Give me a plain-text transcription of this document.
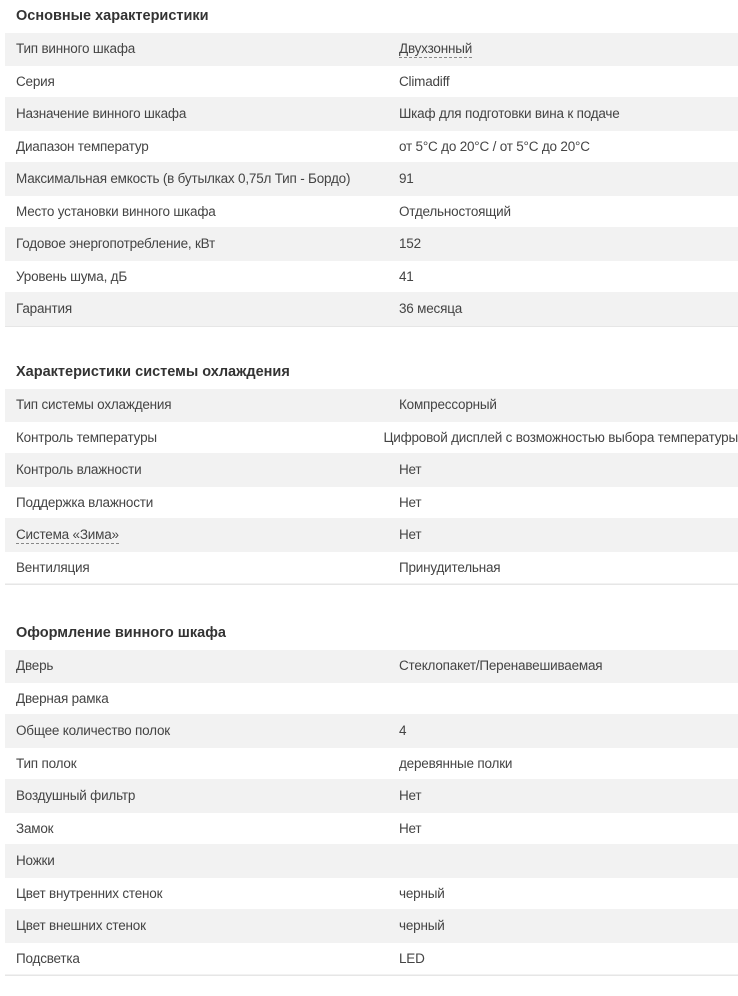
Основные характеристики
Тип винного шкафа	Двухзонный
Серия	Climadiff
Назначение винного шкафа	Шкаф для подготовки вина к подаче
Диапазон температур	от 5°С до 20°С / от 5°С до 20°С
Максимальная емкость (в бутылках 0,75л Тип - Бордо)	91
Место установки винного шкафа	Отдельностоящий
Годовое энергопотребление, кВт	152
Уровень шума, дБ	41
Гарантия	36 месяца
Характеристики системы охлаждения
Тип системы охлаждения	Компрессорный
Контроль температуры	Цифровой дисплей с возможностью выбора температуры
Контроль влажности	Нет
Поддержка влажности	Нет
Система «Зима»	Нет
Вентиляция	Принудительная
Оформление винного шкафа
Дверь	Стеклопакет/Перенавешиваемая
Дверная рамка
Общее количество полок	4
Тип полок	деревянные полки
Воздушный фильтр	Нет
Замок	Нет
Ножки
Цвет внутренних стенок	черный
Цвет внешних стенок	черный
Подсветка	LED
